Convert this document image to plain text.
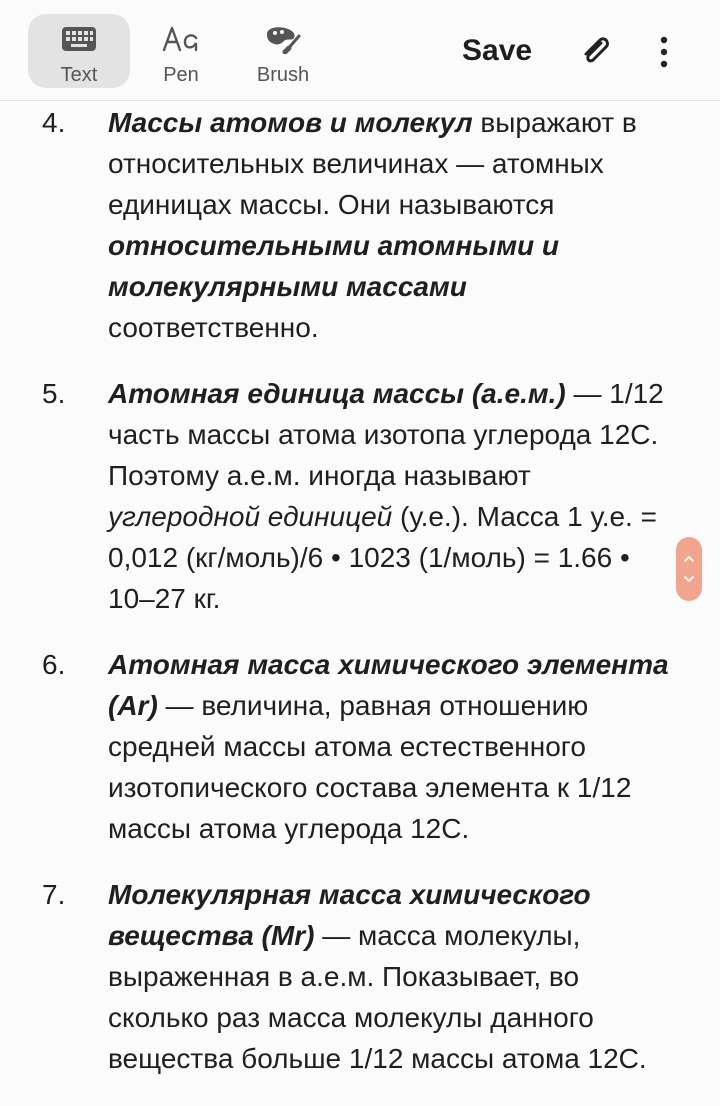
Text	Pen	Brush
Save
4. Массы атомов и молекул выражают в относительных величинах — атомных единицах массы. Они называются относительными атомными и молекулярными массами соответственно.
5. Атомная единица массы (а.е.м.) — 1/12 часть массы атома изотопа углерода 12С. Поэтому а.е.м. иногда называют углеродной единицей (у.е.). Масса 1 у.е. = 0,012 (кг/моль)/6 • 1023 (1/моль) = 1.66 • 10–27 кг.
6. Атомная масса химического элемента (Ar) — величина, равная отношению средней массы атома естественного изотопического состава элемента к 1/12 массы атома углерода 12С.
7. Молекулярная масса химического вещества (Mr) — масса молекулы, выраженная в а.е.м. Показывает, во сколько раз масса молекулы данного вещества больше 1/12 массы атома 12С.
